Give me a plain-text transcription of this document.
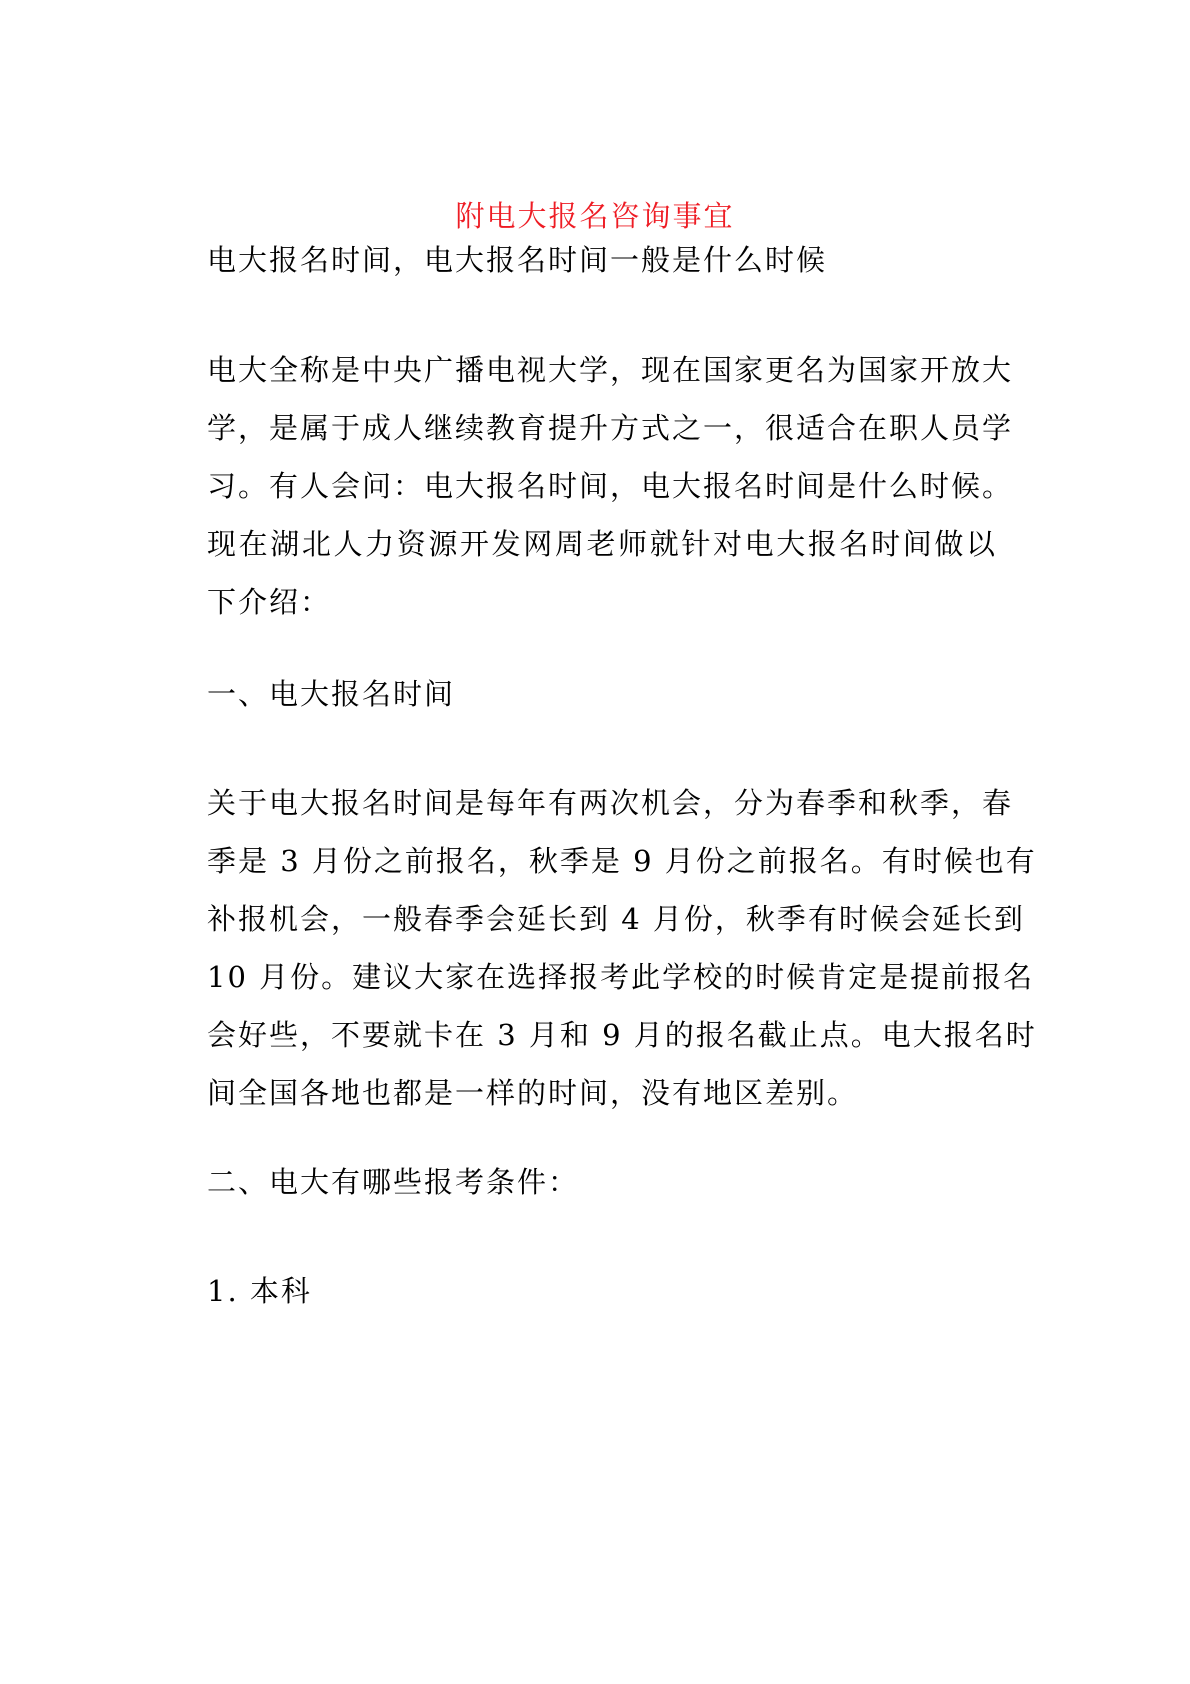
附电大报名咨询事宜
电大报名时间，电大报名时间一般是什么时候
电大全称是中央广播电视大学，现在国家更名为国家开放大
学，是属于成人继续教育提升方式之一，很适合在职人员学
习。有人会问：电大报名时间，电大报名时间是什么时候。
现在湖北人力资源开发网周老师就针对电大报名时间做以
下介绍：
一、电大报名时间
关于电大报名时间是每年有两次机会，分为春季和秋季，春
季是 3 月份之前报名，秋季是 9 月份之前报名。有时候也有
补报机会，一般春季会延长到 4 月份，秋季有时候会延长到
10 月份。建议大家在选择报考此学校的时候肯定是提前报名
会好些，不要就卡在 3 月和 9 月的报名截止点。电大报名时
间全国各地也都是一样的时间，没有地区差别。
二、电大有哪些报考条件：
1. 本科
